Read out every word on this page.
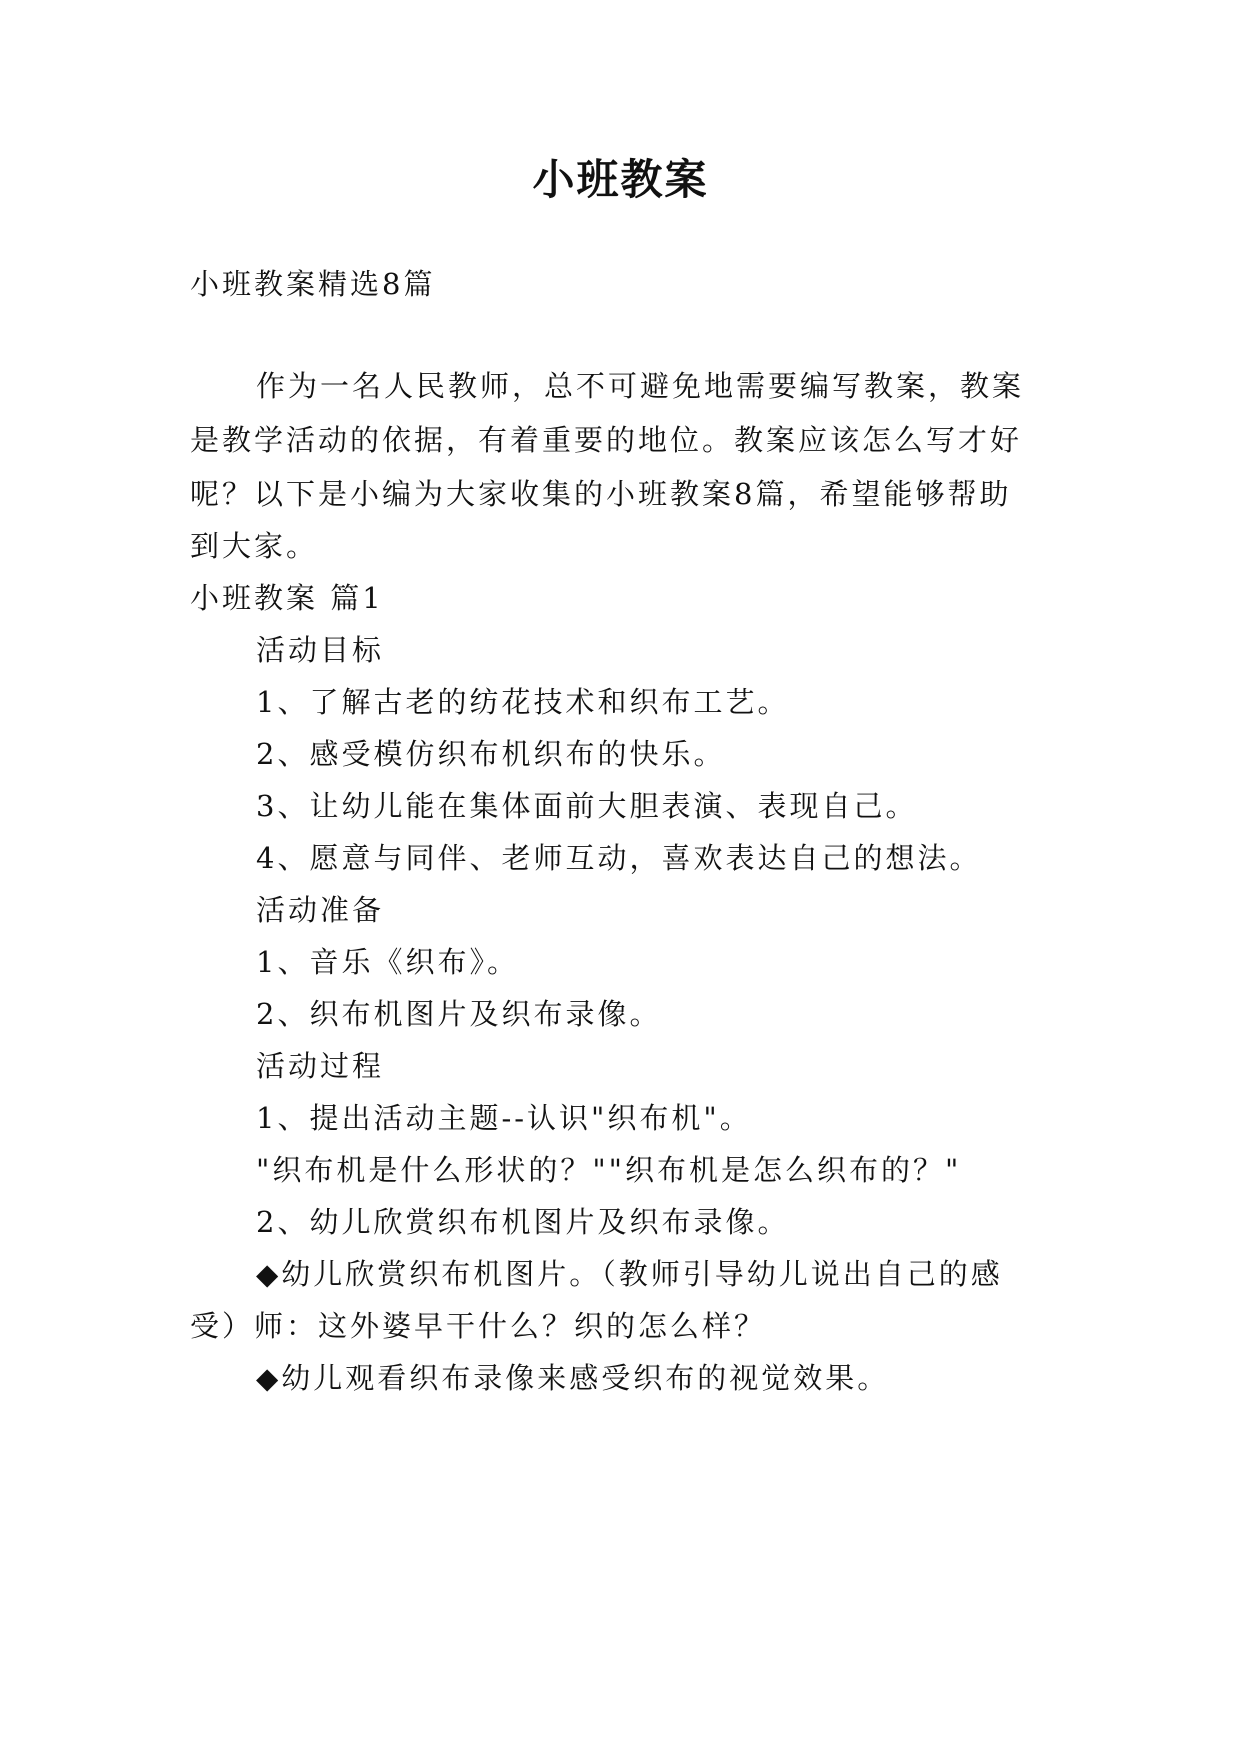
小班教案
小班教案精选8篇
作为一名人民教师，总不可避免地需要编写教案，教案
是教学活动的依据，有着重要的地位。教案应该怎么写才好
呢？以下是小编为大家收集的小班教案8篇，希望能够帮助
到大家。
小班教案 篇1
活动目标
1、了解古老的纺花技术和织布工艺。
2、感受模仿织布机织布的快乐。
3、让幼儿能在集体面前大胆表演、表现自己。
4、愿意与同伴、老师互动，喜欢表达自己的想法。
活动准备
1、音乐《织布》。
2、织布机图片及织布录像。
活动过程
1、提出活动主题--认识"织布机"。
"织布机是什么形状的？""织布机是怎么织布的？"
2、幼儿欣赏织布机图片及织布录像。
◆幼儿欣赏织布机图片。（教师引导幼儿说出自己的感
受）师：这外婆早干什么？织的怎么样？
◆幼儿观看织布录像来感受织布的视觉效果。
